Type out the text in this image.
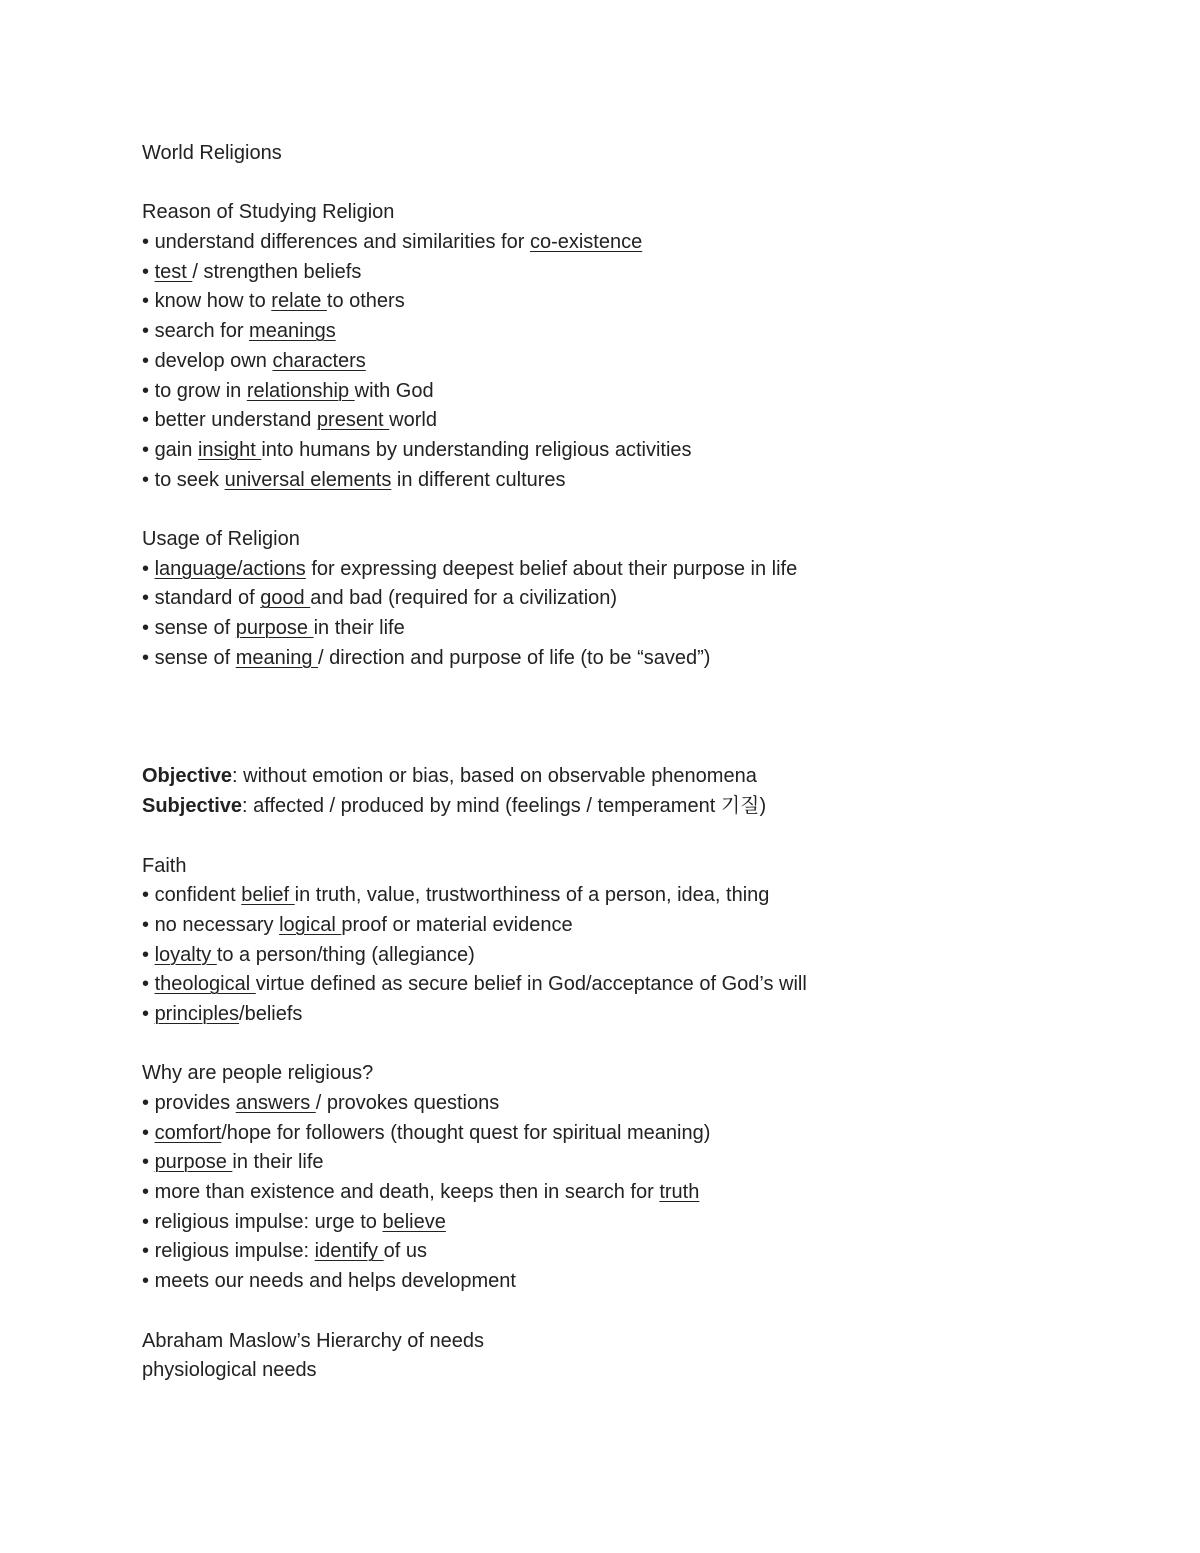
World Religions
Reason of Studying Religion
• understand differences and similarities for co-existence
• test / strengthen beliefs
• know how to relate to others
• search for meanings
• develop own characters
• to grow in relationship with God
• better understand present world
• gain insight into humans by understanding religious activities
• to seek universal elements in different cultures
Usage of Religion
• language/actions for expressing deepest belief about their purpose in life
• standard of good and bad (required for a civilization)
• sense of purpose in their life
• sense of meaning / direction and purpose of life (to be “saved”)
Objective: without emotion or bias, based on observable phenomena
Subjective: affected / produced by mind (feelings / temperament 기질)
Faith
• confident belief in truth, value, trustworthiness of a person, idea, thing
• no necessary logical proof or material evidence
• loyalty to a person/thing (allegiance)
• theological virtue defined as secure belief in God/acceptance of God’s will
• principles/beliefs
Why are people religious?
• provides answers / provokes questions
• comfort/hope for followers (thought quest for spiritual meaning)
• purpose in their life
• more than existence and death, keeps then in search for truth
• religious impulse: urge to believe
• religious impulse: identify of us
• meets our needs and helps development
Abraham Maslow’s Hierarchy of needs
physiological needs
